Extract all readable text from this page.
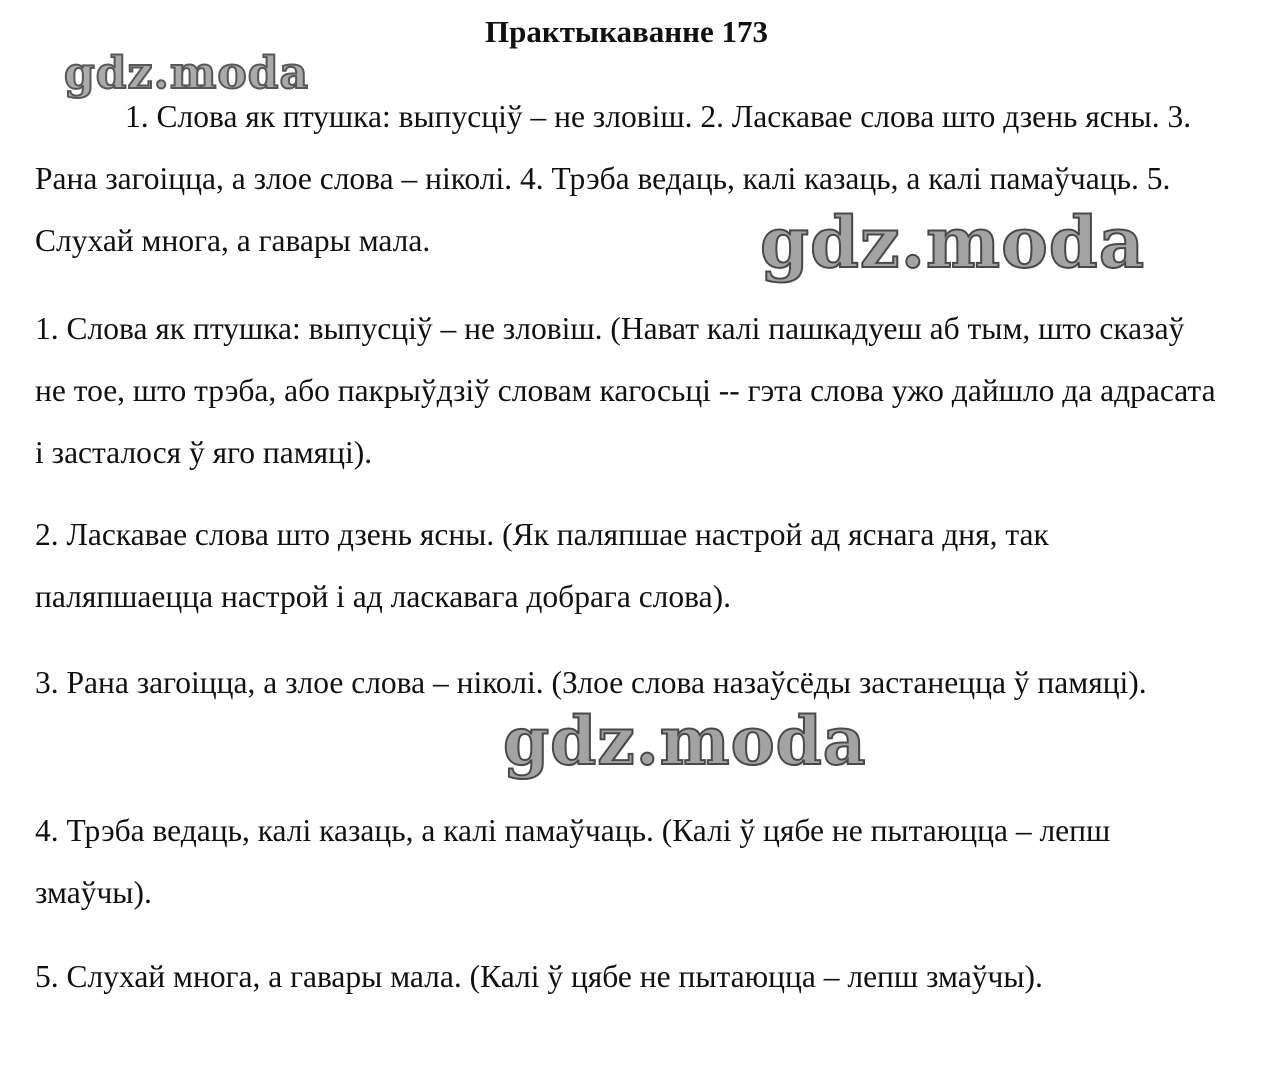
Практыкаванне 173

1. Слова як птушка: выпусціў – не зловіш. 2. Ласкавае слова што дзень ясны. 3. Рана загоіцца, а злое слова – ніколі. 4. Трэба ведаць, калі казаць, а калі памаўчаць. 5. Слухай многа, а гавары мала.

1. Слова як птушка: выпусціў – не зловіш. (Нават калі пашкадуеш аб тым, што сказаў не тое, што трэба, або пакрыўдзіў словам кагосьці -- гэта слова ужо дайшло да адрасата і засталося ў яго памяці).

2. Ласкавае слова што дзень ясны. (Як паляпшае настрой ад яснага дня, так паляпшаецца настрой і ад ласкавага добрага слова).

3. Рана загоіцца, а злое слова – ніколі. (Злое слова назаўсёды застанецца ў памяці).

4. Трэба ведаць, калі казаць, а калі памаўчаць. (Калі ў цябе не пытаюцца – лепш змаўчы).

5. Слухай многа, а гавары мала. (Калі ў цябе не пытаюцца – лепш змаўчы).

gdz.moda
gdz.moda
gdz.moda
